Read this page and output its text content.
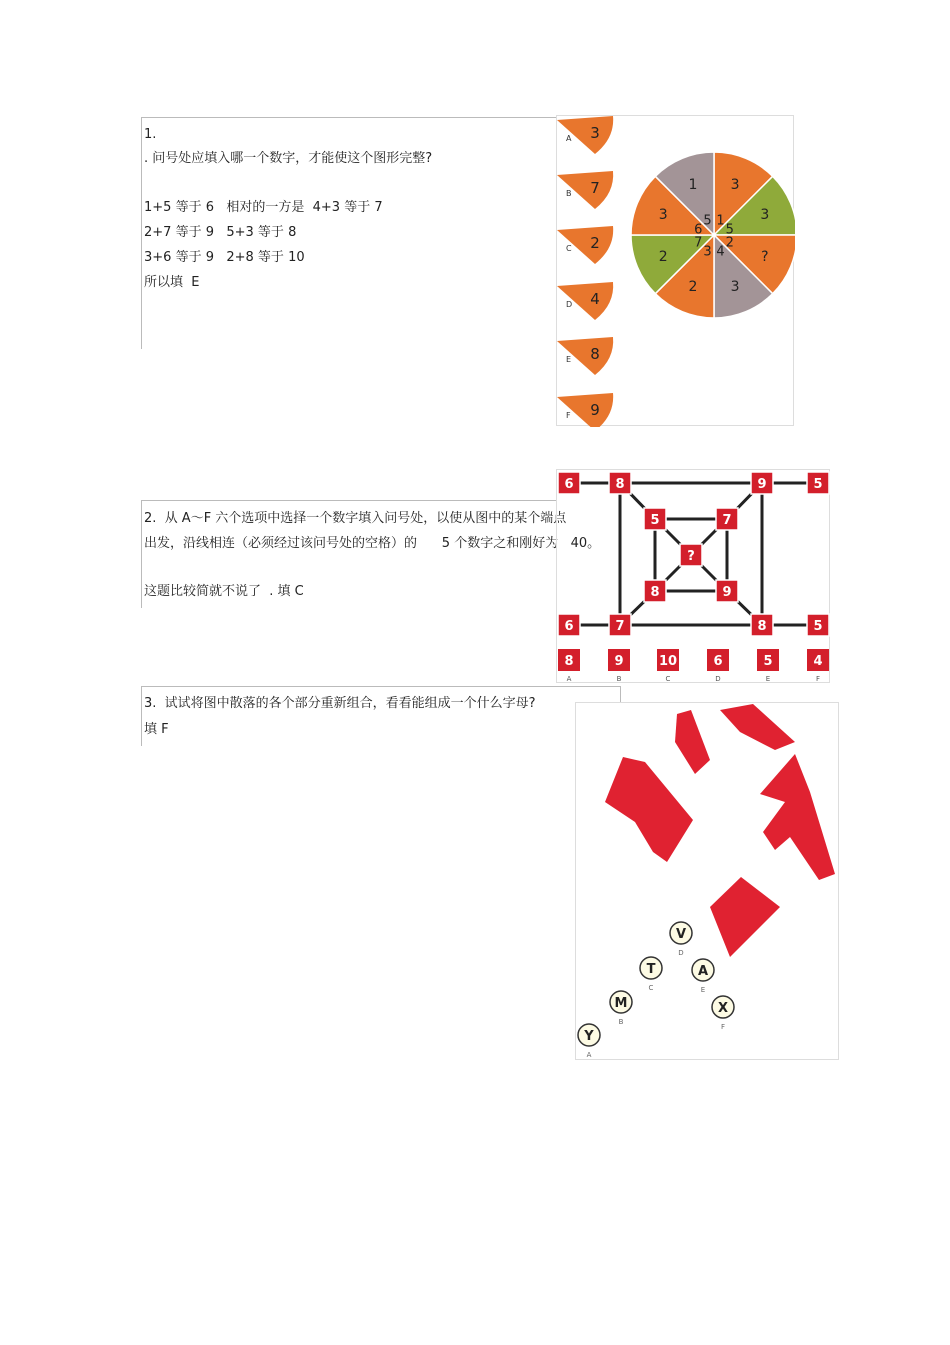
1.
. 问号处应填入哪一个数字，才能使这个图形完整?
1+5 等于 6   相对的一方是  4+3 等于 7
2+7 等于 9   5+3 等于 8
3+6 等于 9   2+8 等于 10
所以填  E
A 3
B 7
C 2
D 4
E 8
F 9
3
1	3
5
?
2
3
4
2
3
2
7
3
6
1
5
2.  从 A～F 六个选项中选择一个数字填入问号处，以使从图中的某个端点
出发，沿线相连（必须经过该问号处的空格）的      5 个数字之和刚好为   40。
这题比较简就不说了  . 填 C
6	8	9	5
6	7	8	5
5	7
8	9
?
8
A
9
B
10
C
6
D
5
E
4
F
3.  试试将图中散落的各个部分重新组合，看看能组成一个什么字母?
填 F
Y
A
M
B
T
C
V
D
A
E
X
F
